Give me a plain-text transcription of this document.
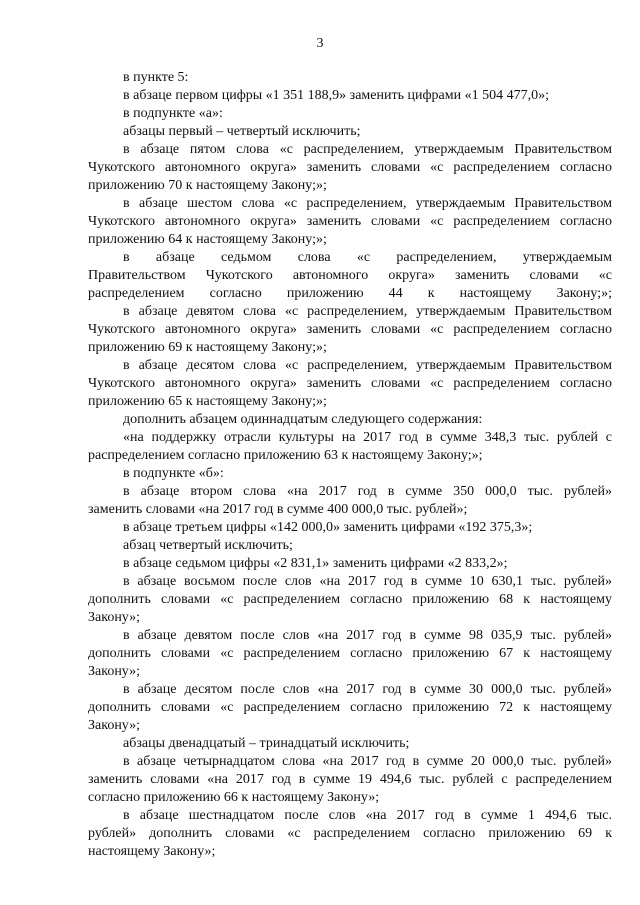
3

в пункте 5:

в абзаце первом цифры «1 351 188,9» заменить цифрами «1 504 477,0»;

в подпункте «а»:

абзацы первый – четвертый исключить;

в абзаце пятом слова «с распределением, утверждаемым Правительством

Чукотского автономного округа» заменить словами «с распределением согласно

приложению 70 к настоящему Закону;»;

в абзаце шестом слова «с распределением, утверждаемым Правительством

Чукотского автономного округа» заменить словами «с распределением согласно

приложению 64 к настоящему Закону;»;

в абзаце седьмом слова «с распределением, утверждаемым

Правительством Чукотского автономного округа» заменить словами «с

распределением согласно приложению 44 к настоящему Закону;»;

в абзаце девятом слова «с распределением, утверждаемым Правительством

Чукотского автономного округа» заменить словами «с распределением согласно

приложению 69 к настоящему Закону;»;

в абзаце десятом слова «с распределением, утверждаемым Правительством

Чукотского автономного округа» заменить словами «с распределением согласно

приложению 65 к настоящему Закону;»;

дополнить абзацем одиннадцатым следующего содержания:

«на поддержку отрасли культуры на 2017 год в сумме 348,3 тыс. рублей с

распределением согласно приложению 63 к настоящему Закону;»;

в подпункте «б»:

в абзаце втором слова «на 2017 год в сумме 350 000,0 тыс. рублей»

заменить словами «на 2017 год в сумме 400 000,0 тыс. рублей»;

в абзаце третьем цифры «142 000,0» заменить цифрами «192 375,3»;

абзац четвертый исключить;

в абзаце седьмом цифры «2 831,1» заменить цифрами «2 833,2»;

в абзаце восьмом после слов «на 2017 год в сумме 10 630,1 тыс. рублей»

дополнить словами «с распределением согласно приложению 68 к настоящему

Закону»;

в абзаце девятом после слов «на 2017 год в сумме 98 035,9 тыс. рублей»

дополнить словами «с распределением согласно приложению 67 к настоящему

Закону»;

в абзаце десятом после слов «на 2017 год в сумме 30 000,0 тыс. рублей»

дополнить словами «с распределением согласно приложению 72 к настоящему

Закону»;

абзацы двенадцатый – тринадцатый исключить;

в абзаце четырнадцатом слова «на 2017 год в сумме 20 000,0 тыс. рублей»

заменить словами «на 2017 год в сумме 19 494,6 тыс. рублей с распределением

согласно приложению 66 к настоящему Закону»;

в абзаце шестнадцатом после слов «на 2017 год в сумме 1 494,6 тыс.

рублей» дополнить словами «с распределением согласно приложению 69 к

настоящему Закону»;
